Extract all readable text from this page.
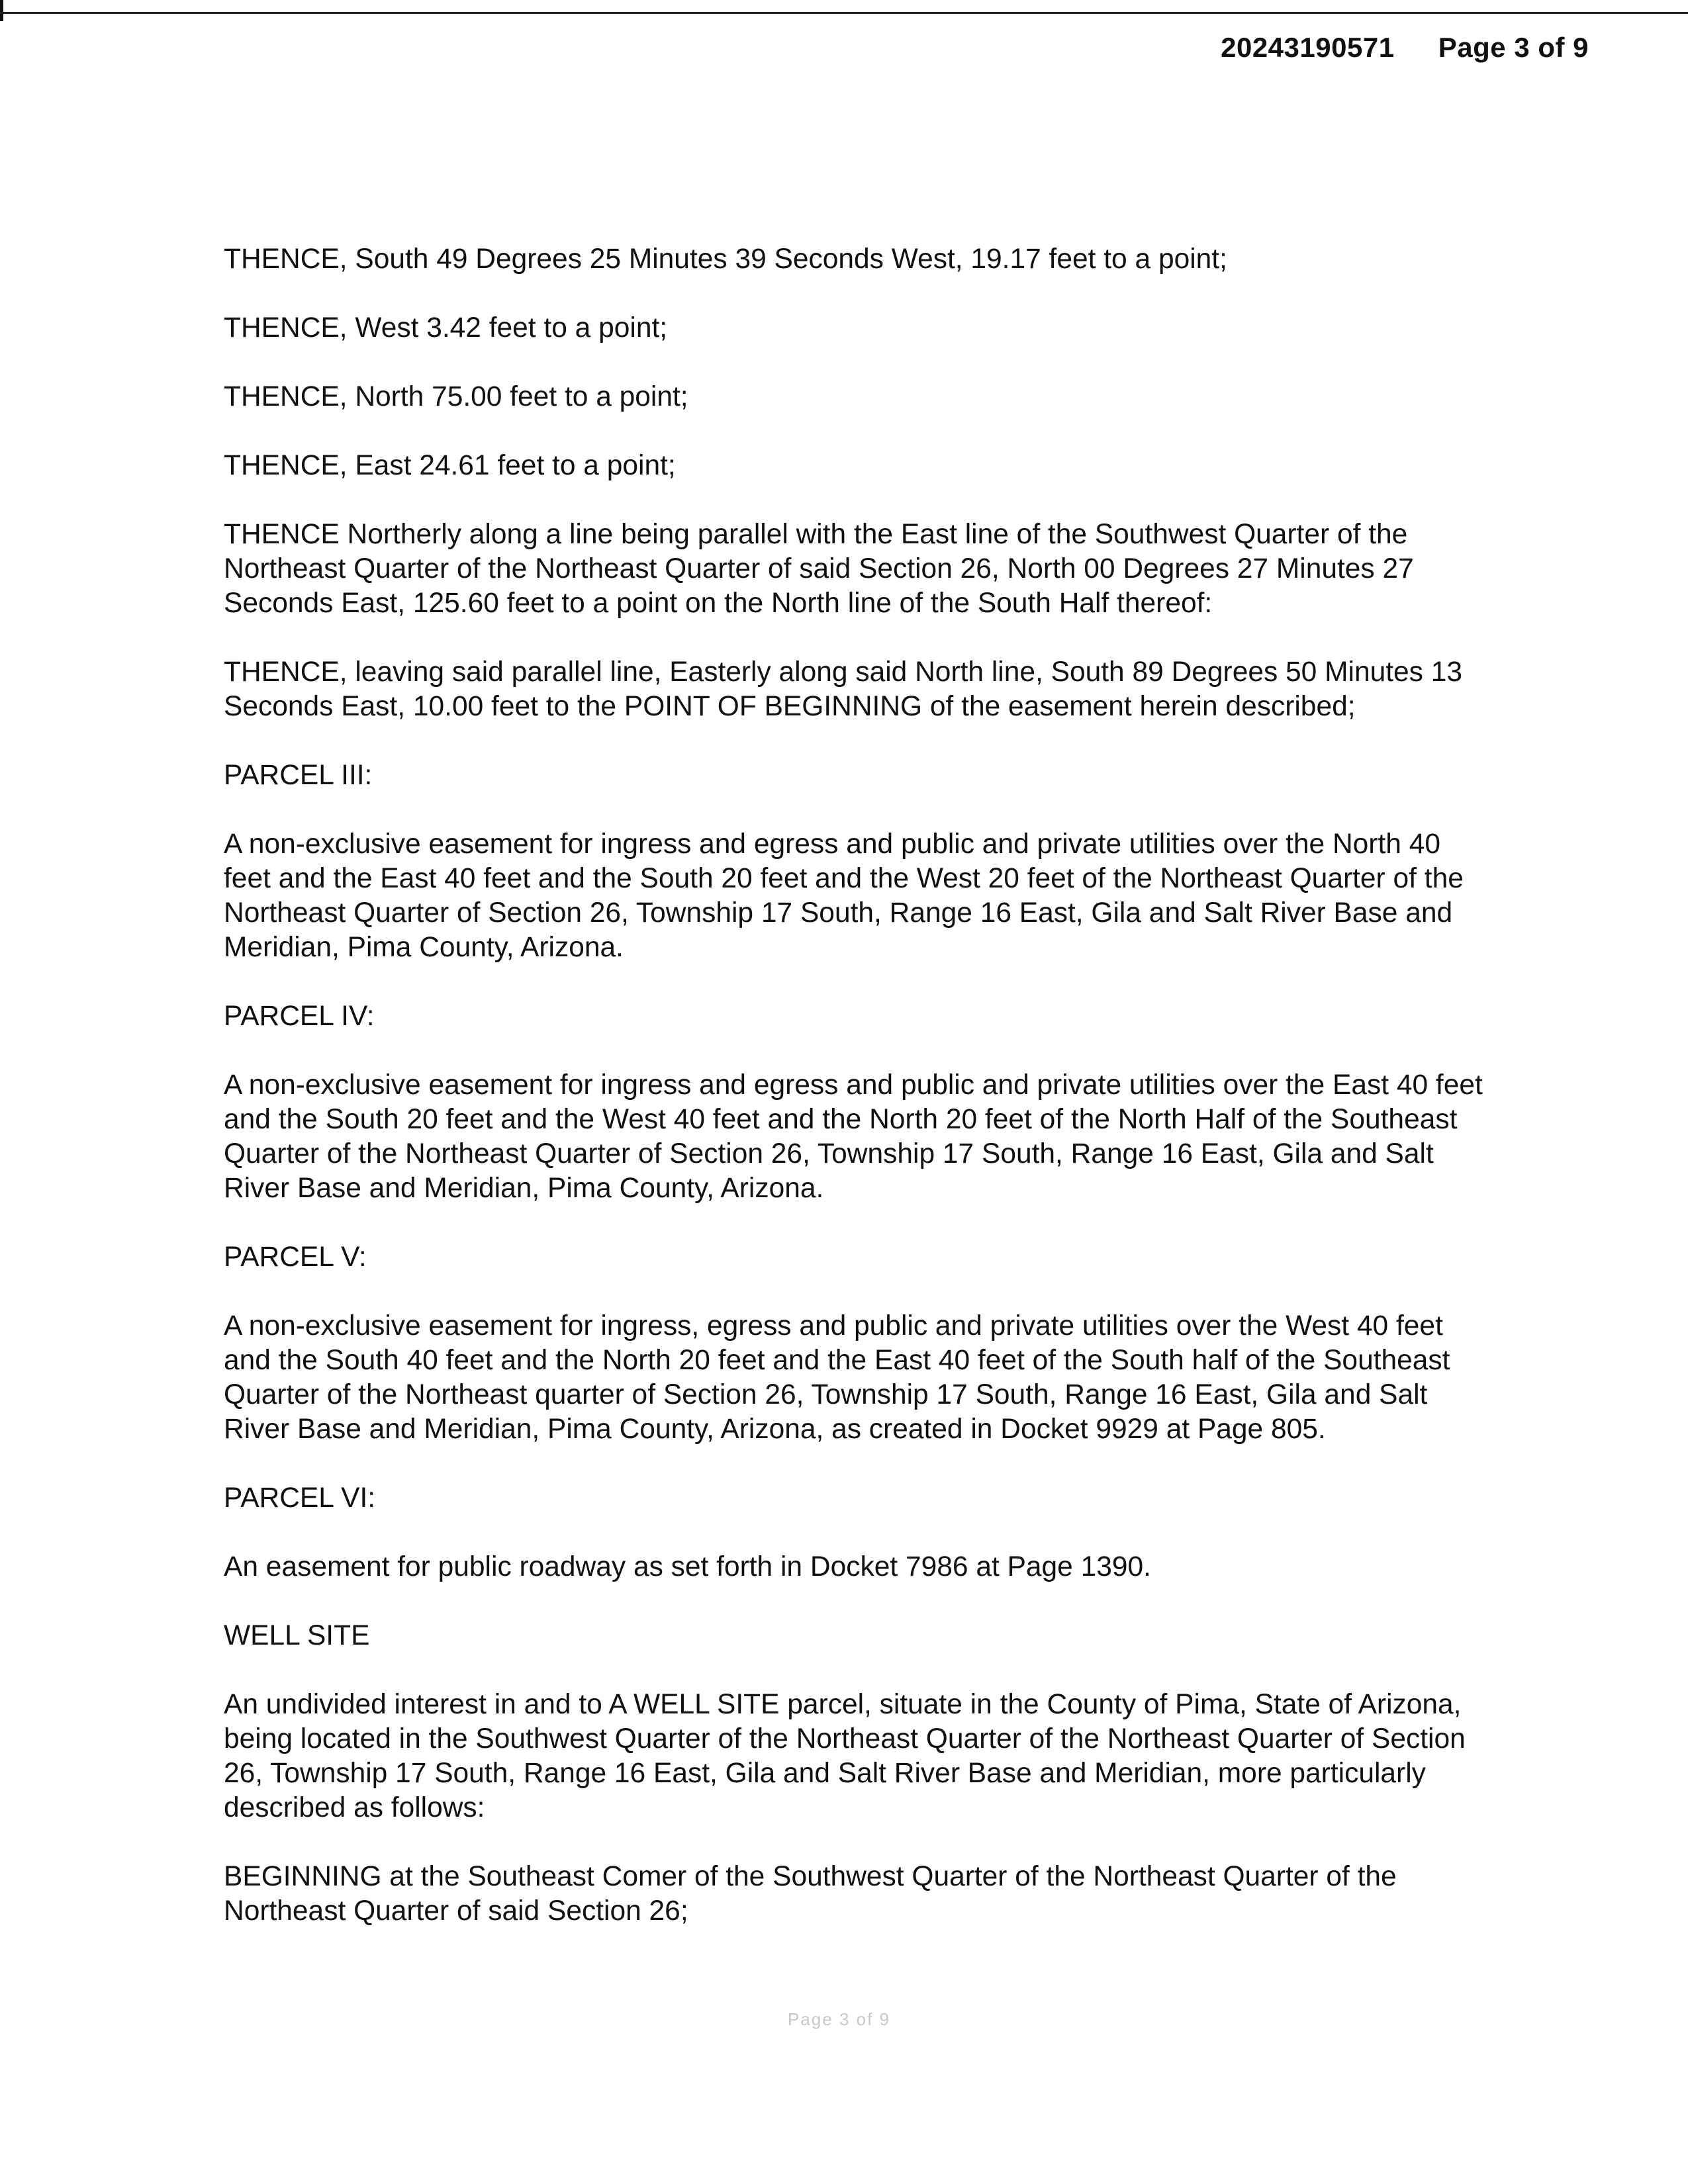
20243190571 Page 3 of 9

THENCE, South 49 Degrees 25 Minutes 39 Seconds West, 19.17 feet to a point;

THENCE, West 3.42 feet to a point;

THENCE, North 75.00 feet to a point;

THENCE, East 24.61 feet to a point;

THENCE Northerly along a line being parallel with the East line of the Southwest Quarter of the Northeast Quarter of the Northeast Quarter of said Section 26, North 00 Degrees 27 Minutes 27 Seconds East, 125.60 feet to a point on the North line of the South Half thereof:

THENCE, leaving said parallel line, Easterly along said North line, South 89 Degrees 50 Minutes 13 Seconds East, 10.00 feet to the POINT OF BEGINNING of the easement herein described;

PARCEL III:

A non-exclusive easement for ingress and egress and public and private utilities over the North 40 feet and the East 40 feet and the South 20 feet and the West 20 feet of the Northeast Quarter of the Northeast Quarter of Section 26, Township 17 South, Range 16 East, Gila and Salt River Base and Meridian, Pima County, Arizona.

PARCEL IV:

A non-exclusive easement for ingress and egress and public and private utilities over the East 40 feet and the South 20 feet and the West 40 feet and the North 20 feet of the North Half of the Southeast Quarter of the Northeast Quarter of Section 26, Township 17 South, Range 16 East, Gila and Salt River Base and Meridian, Pima County, Arizona.

PARCEL V:

A non-exclusive easement for ingress, egress and public and private utilities over the West 40 feet and the South 40 feet and the North 20 feet and the East 40 feet of the South half of the Southeast Quarter of the Northeast quarter of Section 26, Township 17 South, Range 16 East, Gila and Salt River Base and Meridian, Pima County, Arizona, as created in Docket 9929 at Page 805.

PARCEL VI:

An easement for public roadway as set forth in Docket 7986 at Page 1390.

WELL SITE

An undivided interest in and to A WELL SITE parcel, situate in the County of Pima, State of Arizona, being located in the Southwest Quarter of the Northeast Quarter of the Northeast Quarter of Section 26, Township 17 South, Range 16 East, Gila and Salt River Base and Meridian, more particularly described as follows:

BEGINNING at the Southeast Comer of the Southwest Quarter of the Northeast Quarter of the Northeast Quarter of said Section 26;

Page 3 of 9
